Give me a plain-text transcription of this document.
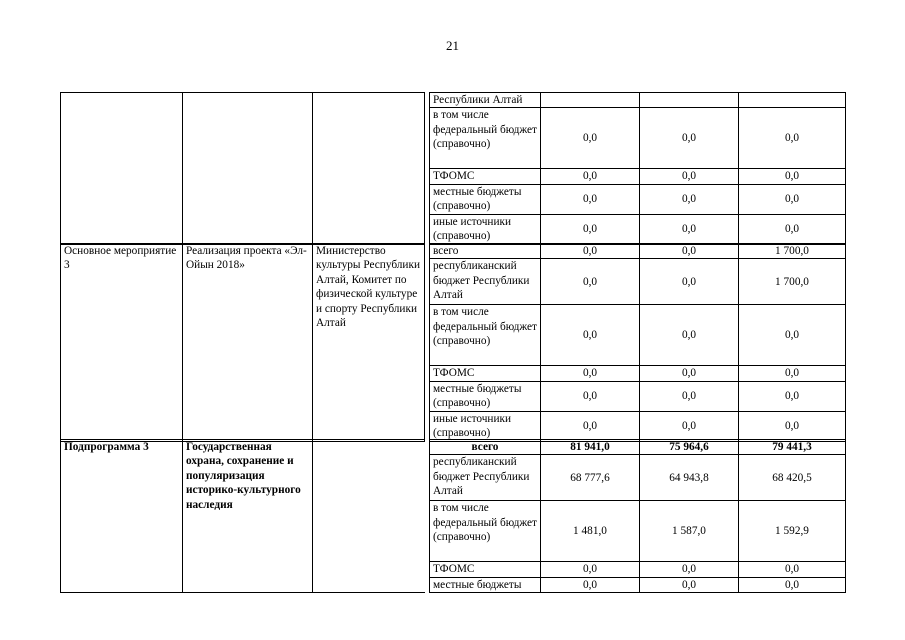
21
					Республики Алтай			
					в том числе федеральный бюджет (справочно)	0,0	0,0	0,0
					ТФОМС	0,0	0,0	0,0
					местные бюджеты (справочно)	0,0	0,0	0,0
					иные источники (справочно)	0,0	0,0	0,0
Основное мероприятие 3	Реализация проекта «Эл-Ойын 2018»	Министерство культуры Республики Алтай, Комитет по физической культуре и спорту Республики Алтай		всего	0,0	0,0	1 700,0
				республиканский бюджет Республики Алтай	0,0	0,0	1 700,0
				в том числе федеральный бюджет (справочно)	0,0	0,0	0,0
				ТФОМС	0,0	0,0	0,0
				местные бюджеты (справочно)	0,0	0,0	0,0
				иные источники (справочно)	0,0	0,0	0,0
Подпрограмма 3	Государственная охрана, сохранение и популяризация историко-культурного наследия			всего	81 941,0	75 964,6	79 441,3
				республиканский бюджет Республики Алтай	68 777,6	64 943,8	68 420,5
				в том числе федеральный бюджет (справочно)	1 481,0	1 587,0	1 592,9
				ТФОМС	0,0	0,0	0,0
				местные бюджеты	0,0	0,0	0,0
